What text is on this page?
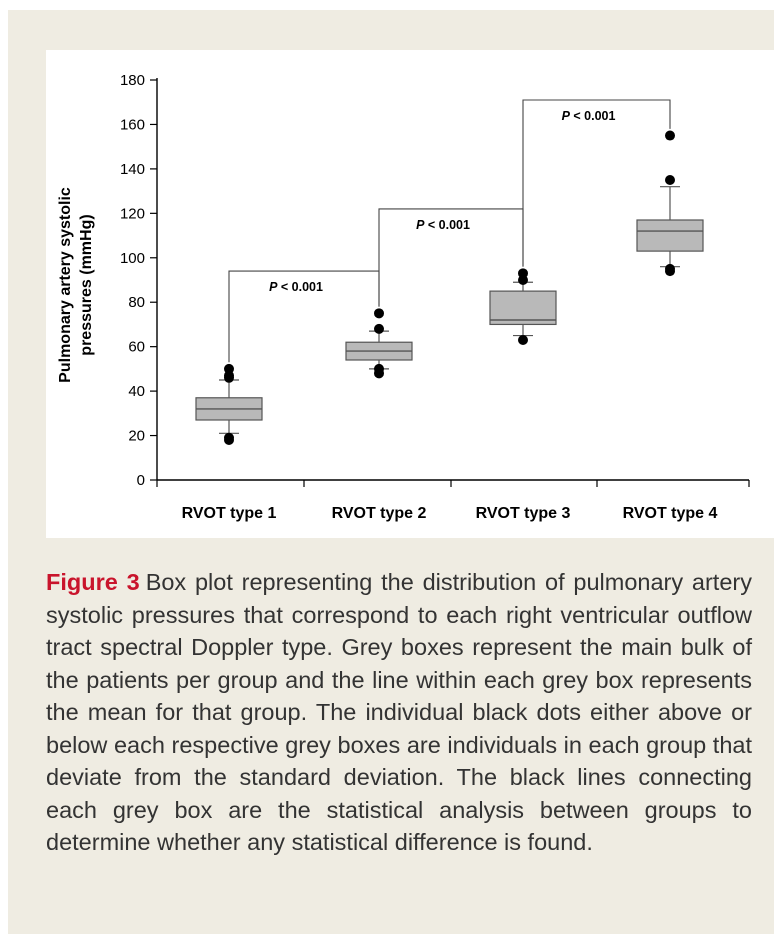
0
20
40
60
80
100
120
140
160
180
RVOT type 1	RVOT type 2	RVOT type 3	RVOT type 4
Pulmonary artery systolic pressures (mmHg)	P < 0.001
P < 0.001
P < 0.001
Figure 3 Box plot representing the distribution of pulmonary artery systolic pressures that correspond to each right ventricular outflow tract spectral Doppler type. Grey boxes represent the main bulk of the patients per group and the line within each grey box represents the mean for that group. The individual black dots either above or below each respective grey boxes are individuals in each group that deviate from the standard deviation. The black lines connecting each grey box are the statistical analysis between groups to determine whether any statistical difference is found.
